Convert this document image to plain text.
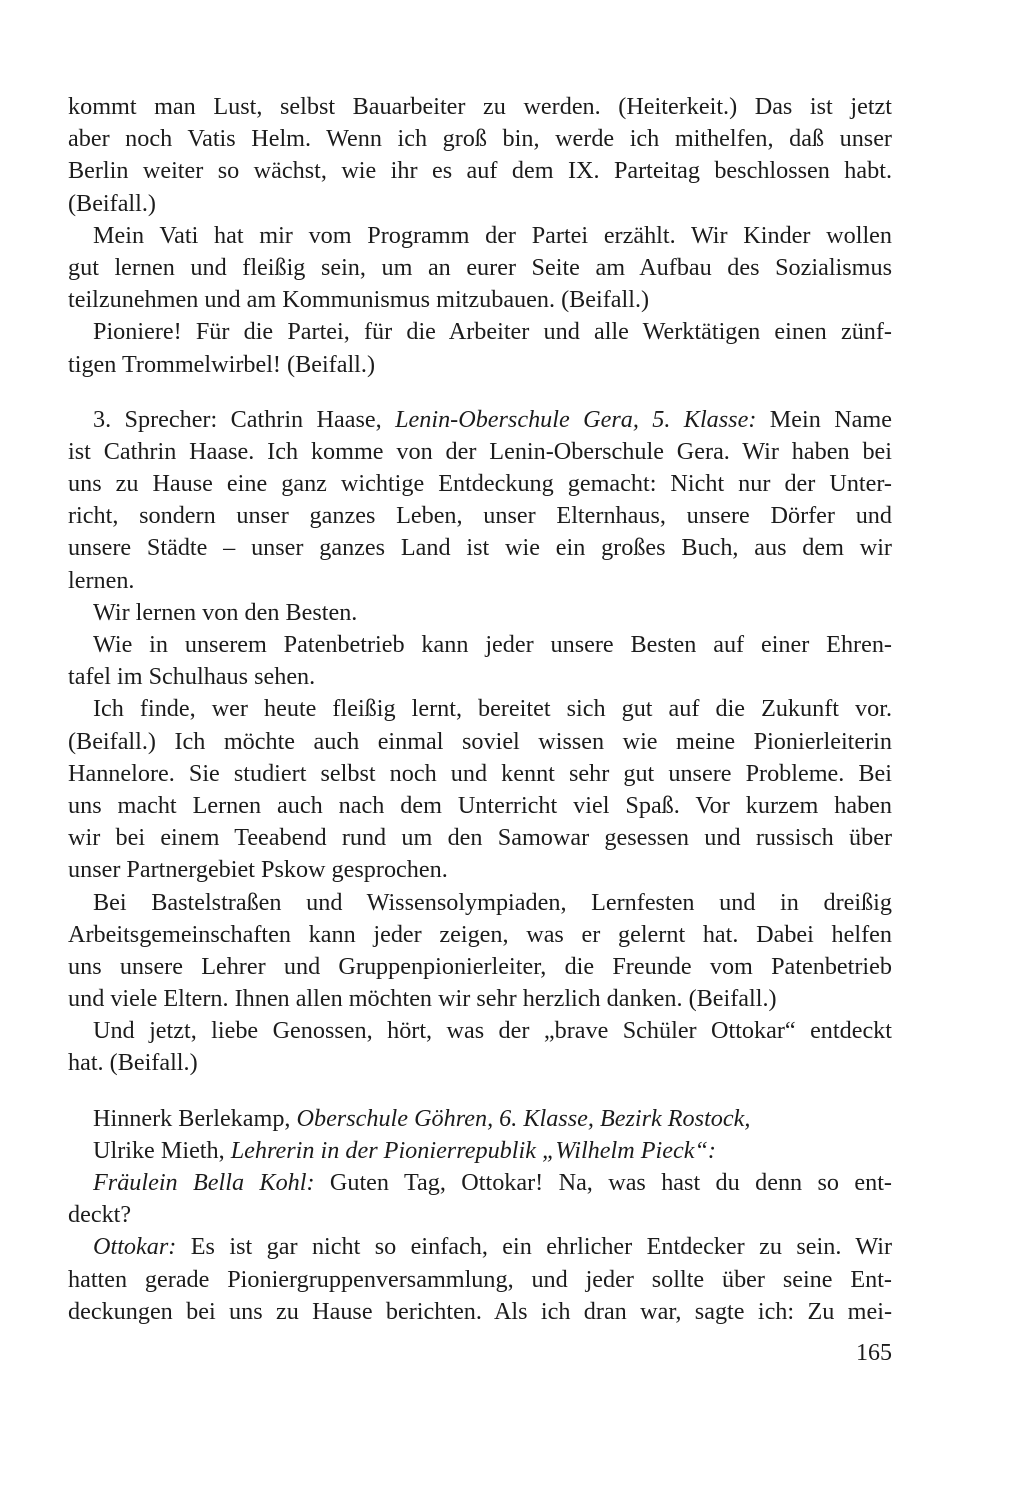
kommt man Lust, selbst Bauarbeiter zu werden. (Heiterkeit.) Das ist jetzt
aber noch Vatis Helm. Wenn ich groß bin, werde ich mithelfen, daß unser
Berlin weiter so wächst, wie ihr es auf dem IX. Parteitag beschlossen habt.
(Beifall.)
Mein Vati hat mir vom Programm der Partei erzählt. Wir Kinder wollen
gut lernen und fleißig sein, um an eurer Seite am Aufbau des Sozialismus
teilzunehmen und am Kommunismus mitzubauen. (Beifall.)
Pioniere! Für die Partei, für die Arbeiter und alle Werktätigen einen zünf-
tigen Trommelwirbel! (Beifall.)
3. Sprecher: Cathrin Haase, Lenin-Oberschule Gera, 5. Klasse: Mein Name
ist Cathrin Haase. Ich komme von der Lenin-Oberschule Gera. Wir haben bei
uns zu Hause eine ganz wichtige Entdeckung gemacht: Nicht nur der Unter-
richt, sondern unser ganzes Leben, unser Elternhaus, unsere Dörfer und
unsere Städte – unser ganzes Land ist wie ein großes Buch, aus dem wir
lernen.
Wir lernen von den Besten.
Wie in unserem Patenbetrieb kann jeder unsere Besten auf einer Ehren-
tafel im Schulhaus sehen.
Ich finde, wer heute fleißig lernt, bereitet sich gut auf die Zukunft vor.
(Beifall.) Ich möchte auch einmal soviel wissen wie meine Pionierleiterin
Hannelore. Sie studiert selbst noch und kennt sehr gut unsere Probleme. Bei
uns macht Lernen auch nach dem Unterricht viel Spaß. Vor kurzem haben
wir bei einem Teeabend rund um den Samowar gesessen und russisch über
unser Partnergebiet Pskow gesprochen.
Bei Bastelstraßen und Wissensolympiaden, Lernfesten und in dreißig
Arbeitsgemeinschaften kann jeder zeigen, was er gelernt hat. Dabei helfen
uns unsere Lehrer und Gruppenpionierleiter, die Freunde vom Patenbetrieb
und viele Eltern. Ihnen allen möchten wir sehr herzlich danken. (Beifall.)
Und jetzt, liebe Genossen, hört, was der „brave Schüler Ottokar“ entdeckt
hat. (Beifall.)
Hinnerk Berlekamp, Oberschule Göhren, 6. Klasse, Bezirk Rostock,
Ulrike Mieth, Lehrerin in der Pionierrepublik „Wilhelm Pieck“:
Fräulein Bella Kohl: Guten Tag, Ottokar! Na, was hast du denn so ent-
deckt?
Ottokar: Es ist gar nicht so einfach, ein ehrlicher Entdecker zu sein. Wir
hatten gerade Pioniergruppenversammlung, und jeder sollte über seine Ent-
deckungen bei uns zu Hause berichten. Als ich dran war, sagte ich: Zu mei-
165
